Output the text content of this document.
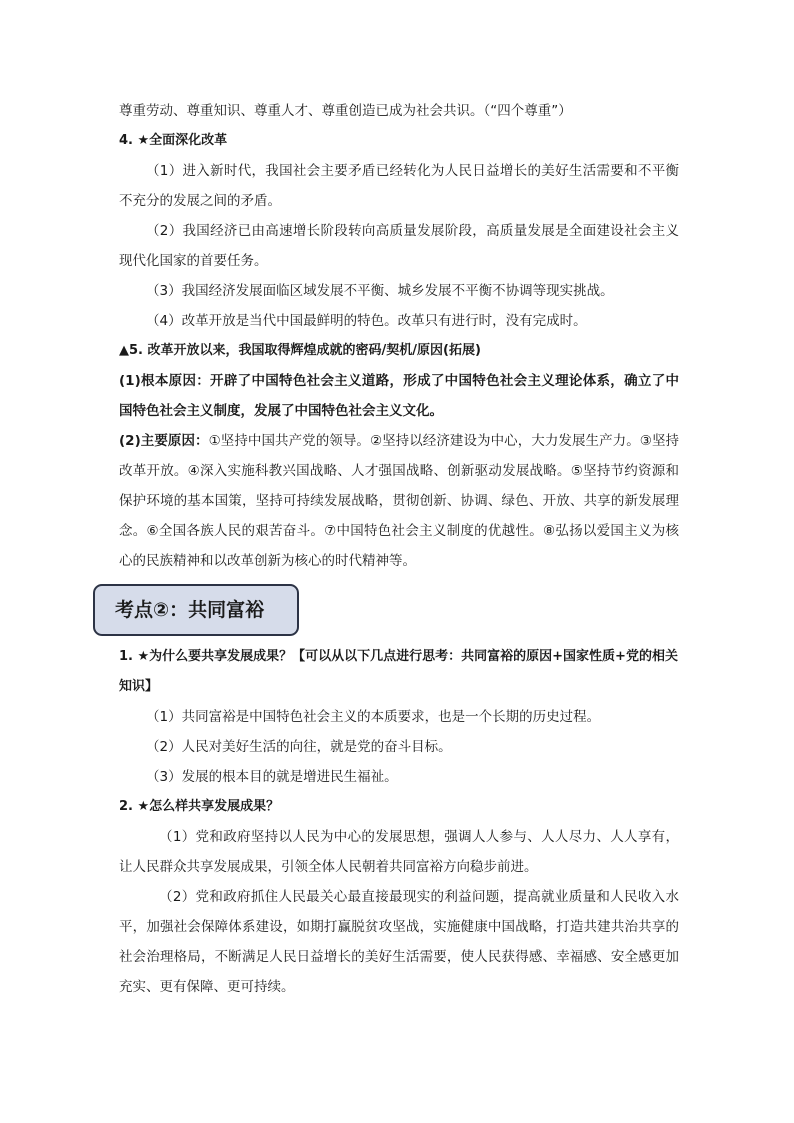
尊重劳动、尊重知识、尊重人才、尊重创造已成为社会共识。（“四个尊重”）

4. ★全面深化改革

（1）进入新时代，我国社会主要矛盾已经转化为人民日益增长的美好生活需要和不平衡不充分的发展之间的矛盾。

（2）我国经济已由高速增长阶段转向高质量发展阶段，高质量发展是全面建设社会主义现代化国家的首要任务。

（3）我国经济发展面临区域发展不平衡、城乡发展不平衡不协调等现实挑战。

（4）改革开放是当代中国最鲜明的特色。改革只有进行时，没有完成时。

▲5. 改革开放以来，我国取得辉煌成就的密码/契机/原因(拓展)

(1)根本原因：开辟了中国特色社会主义道路，形成了中国特色社会主义理论体系，确立了中国特色社会主义制度，发展了中国特色社会主义文化。

(2)主要原因：①坚持中国共产党的领导。②坚持以经济建设为中心，大力发展生产力。③坚持改革开放。④深入实施科教兴国战略、人才强国战略、创新驱动发展战略。⑤坚持节约资源和保护环境的基本国策，坚持可持续发展战略，贯彻创新、协调、绿色、开放、共享的新发展理念。⑥全国各族人民的艰苦奋斗。⑦中国特色社会主义制度的优越性。⑧弘扬以爱国主义为核心的民族精神和以改革创新为核心的时代精神等。

考点②：共同富裕

1. ★为什么要共享发展成果？【可以从以下几点进行思考：共同富裕的原因+国家性质+党的相关知识】

（1）共同富裕是中国特色社会主义的本质要求，也是一个长期的历史过程。

（2）人民对美好生活的向往，就是党的奋斗目标。

（3）发展的根本目的就是增进民生福祉。

2. ★怎么样共享发展成果？

（1）党和政府坚持以人民为中心的发展思想，强调人人参与、人人尽力、人人享有，让人民群众共享发展成果，引领全体人民朝着共同富裕方向稳步前进。

（2）党和政府抓住人民最关心最直接最现实的利益问题，提高就业质量和人民收入水平，加强社会保障体系建设，如期打赢脱贫攻坚战，实施健康中国战略，打造共建共治共享的社会治理格局，不断满足人民日益增长的美好生活需要，使人民获得感、幸福感、安全感更加充实、更有保障、更可持续。
